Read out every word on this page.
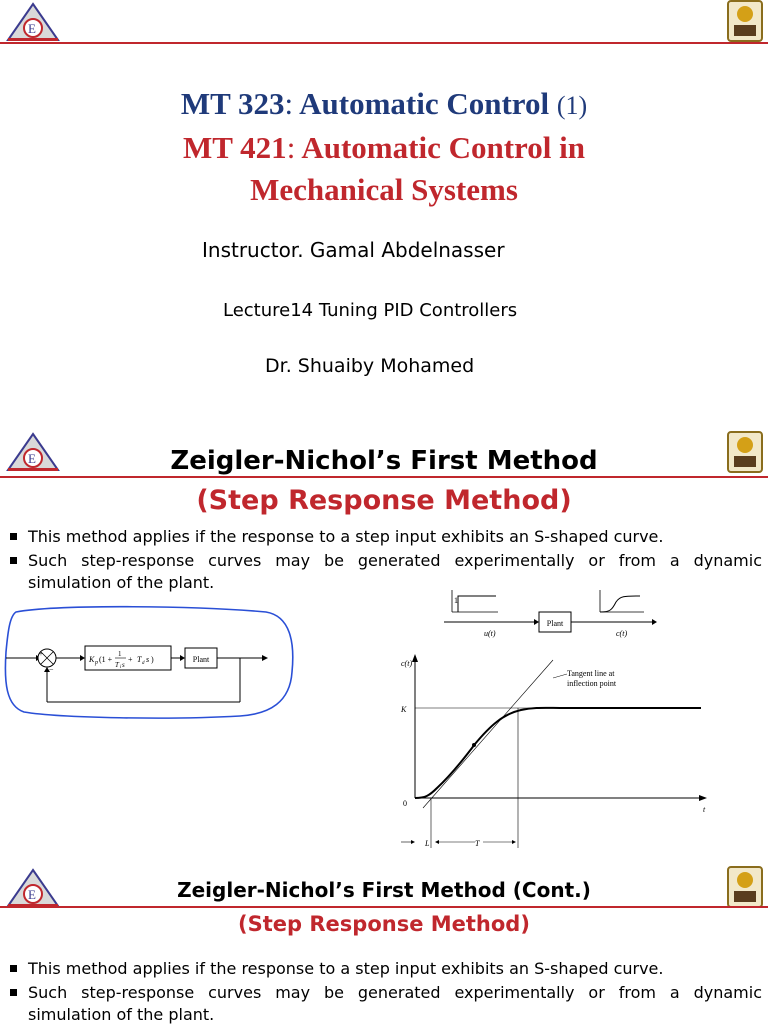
E
MT 323: Automatic Control (1)
MT 421: Automatic Control in
Mechanical Systems
Instructor. Gamal Abdelnasser
Lecture14 Tuning PID Controllers
Dr. Shuaiby Mohamed
E	Zeigler-Nichol’s First Method
(Step Response Method)
This method applies if the response to a step input exhibits an S-shaped curve.
Such step-response curves may be generated experimentally or from a dynamic simulation of the plant.
K p (1 +
1
T i s
+ T d s )	Plant
+
−
1
u(t)
Plant
c(t)
c(t)
t
K
0
Tangent line at
inflection point
L	T
E	Zeigler-Nichol’s First Method (Cont.)
(Step Response Method)
This method applies if the response to a step input exhibits an S-shaped curve.
Such step-response curves may be generated experimentally or from a dynamic simulation of the plant.
